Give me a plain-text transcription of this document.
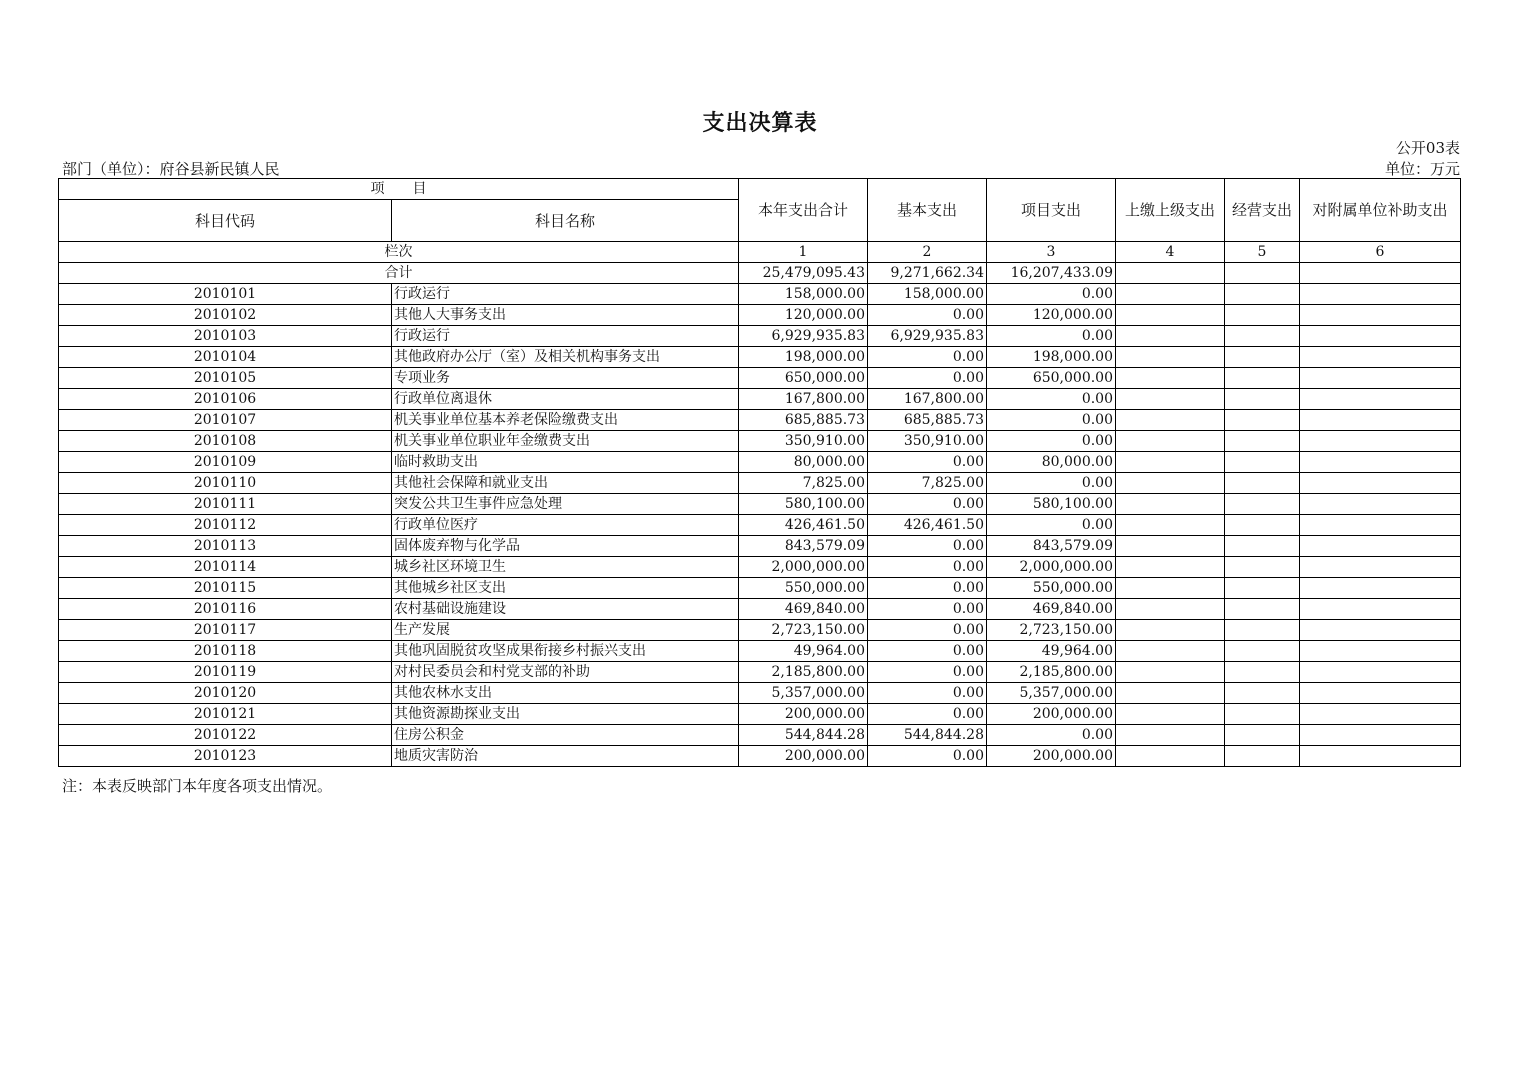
支出决算表
公开03表
部门（单位）：府谷县新民镇人民	单位：万元
项　　目		本年支出合计	基本支出	项目支出	上缴上级支出	经营支出	对附属单位补助支出
科目代码	科目名称						
栏次		1	2	3	4	5	6
合计		25,479,095.43	9,271,662.34	16,207,433.09			
2010101	行政运行	158,000.00	158,000.00	0.00			
2010102	其他人大事务支出	120,000.00	0.00	120,000.00			
2010103	行政运行	6,929,935.83	6,929,935.83	0.00			
2010104	其他政府办公厅（室）及相关机构事务支出	198,000.00	0.00	198,000.00			
2010105	专项业务	650,000.00	0.00	650,000.00			
2010106	行政单位离退休	167,800.00	167,800.00	0.00			
2010107	机关事业单位基本养老保险缴费支出	685,885.73	685,885.73	0.00			
2010108	机关事业单位职业年金缴费支出	350,910.00	350,910.00	0.00			
2010109	临时救助支出	80,000.00	0.00	80,000.00			
2010110	其他社会保障和就业支出	7,825.00	7,825.00	0.00			
2010111	突发公共卫生事件应急处理	580,100.00	0.00	580,100.00			
2010112	行政单位医疗	426,461.50	426,461.50	0.00			
2010113	固体废弃物与化学品	843,579.09	0.00	843,579.09			
2010114	城乡社区环境卫生	2,000,000.00	0.00	2,000,000.00			
2010115	其他城乡社区支出	550,000.00	0.00	550,000.00			
2010116	农村基础设施建设	469,840.00	0.00	469,840.00			
2010117	生产发展	2,723,150.00	0.00	2,723,150.00			
2010118	其他巩固脱贫攻坚成果衔接乡村振兴支出	49,964.00	0.00	49,964.00			
2010119	对村民委员会和村党支部的补助	2,185,800.00	0.00	2,185,800.00			
2010120	其他农林水支出	5,357,000.00	0.00	5,357,000.00			
2010121	其他资源勘探业支出	200,000.00	0.00	200,000.00			
2010122	住房公积金	544,844.28	544,844.28	0.00			
2010123	地质灾害防治	200,000.00	0.00	200,000.00			
注：本表反映部门本年度各项支出情况。
